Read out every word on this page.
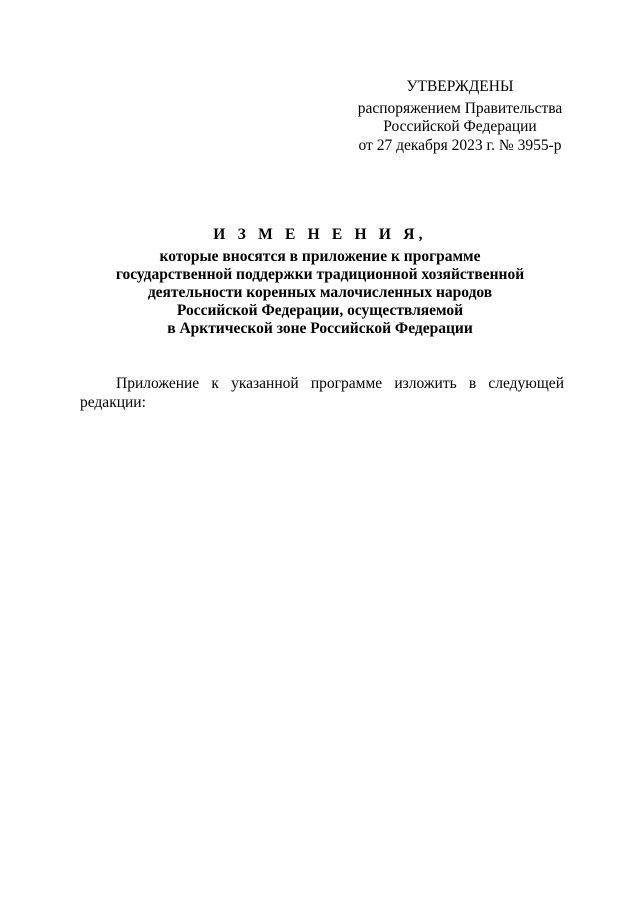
УТВЕРЖДЕНЫ
распоряжением Правительства
Российской Федерации
от 27 декабря 2023 г. № 3955-р
И З М Е Н Е Н И Я,
которые вносятся в приложение к программе
государственной поддержки традиционной хозяйственной
деятельности коренных малочисленных народов
Российской Федерации, осуществляемой
в Арктической зоне Российской Федерации
Приложение к указанной программе изложить в следующей
редакции:
